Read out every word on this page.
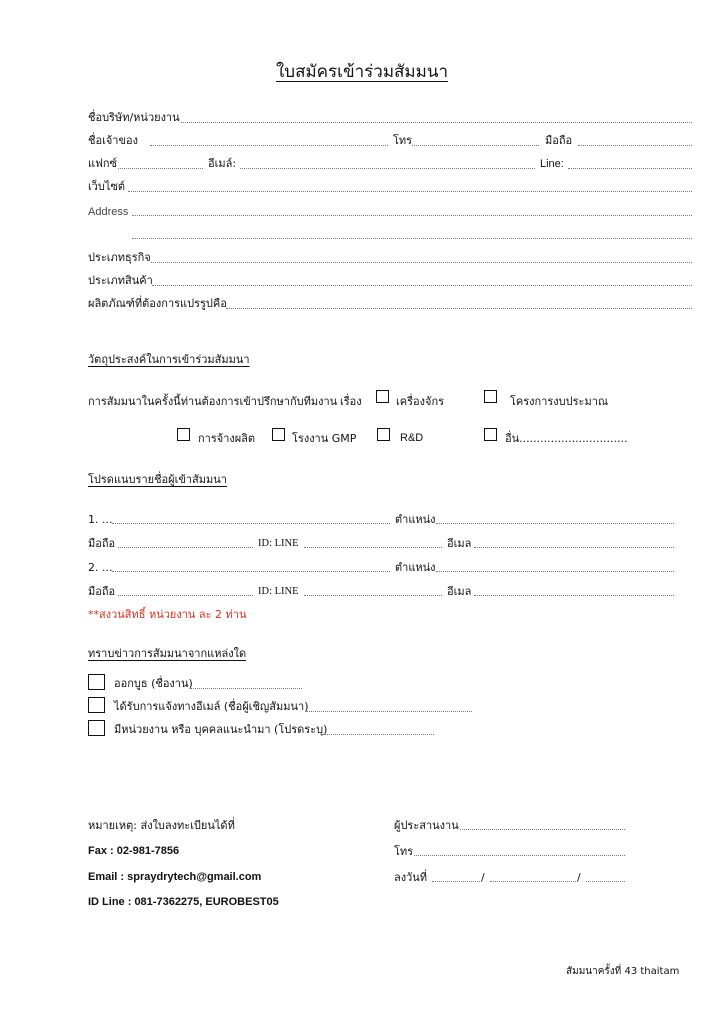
ใบสมัครเข้าร่วมสัมมนา
ชื่อบริษัท/หน่วยงาน
ชื่อเจ้าของ	โทร	มือถือ
แฟกซ์	อีเมล์:	Line:
เว็บไซต์
Address
ประเภทธุรกิจ
ประเภทสินค้า
ผลิตภัณฑ์ที่ต้องการแปรรูปคือ
วัตถุประสงค์ในการเข้าร่วมสัมมนา
การสัมมนาในครั้งนี้ท่านต้องการเข้าปรึกษากับทีมงาน เรื่อง	เครื่องจักร	โครงการงบประมาณ
การจ้างผลิต	โรงงาน GMP	R&D	อื่น...............................
โปรดแนบรายชื่อผู้เข้าสัมมนา
1. ...	ตำแหน่ง
มือถือ	ID: LINE	อีเมล
2. ...	ตำแหน่ง
มือถือ	ID: LINE	อีเมล
**สงวนสิทธิ์ หน่วยงาน ละ 2 ท่าน
ทราบข่าวการสัมมนาจากแหล่งใด
ออกบูธ (ชื่องาน)
ได้รับการแจ้งทางอีเมล์ (ชื่อผู้เชิญสัมมนา)
มีหน่วยงาน หรือ บุคคลแนะนำมา (โปรดระบุ)
หมายเหตุ: ส่งใบลงทะเบียนได้ที่
Fax : 02-981-7856
Email : spraydrytech@gmail.com
ID Line : 081-7362275, EUROBEST05
ผู้ประสานงาน
โทร
ลงวันที่	/	/
สัมมนาครั้งที่ 43 thaitam
